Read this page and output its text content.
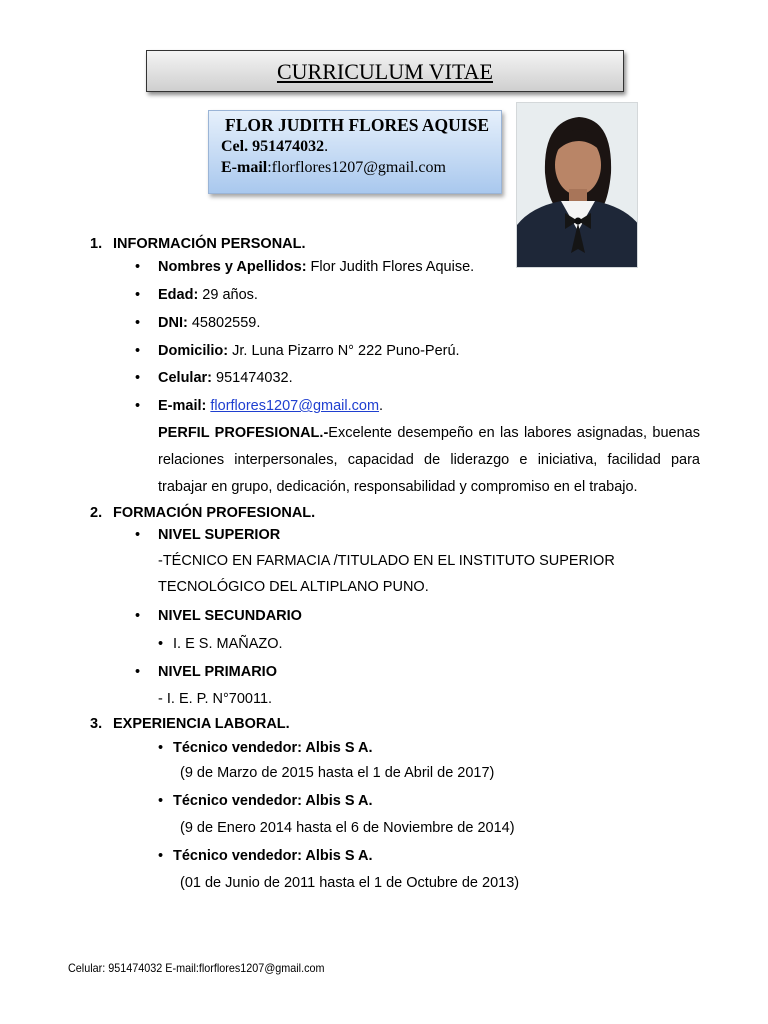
CURRICULUM VITAE
FLOR JUDITH FLORES AQUISE
Cel. 951474032.
E-mail:florflores1207@gmail.com
1. INFORMACIÓN PERSONAL.
• Nombres y Apellidos: Flor Judith Flores Aquise.
• Edad: 29 años.
• DNI: 45802559.
• Domicilio: Jr. Luna Pizarro N° 222 Puno-Perú.
• Celular: 951474032.
• E-mail: florflores1207@gmail.com.
PERFIL PROFESIONAL.-Excelente desempeño en las labores asignadas, buenas relaciones interpersonales, capacidad de liderazgo e iniciativa, facilidad para trabajar en grupo, dedicación, responsabilidad y compromiso en el trabajo.
2. FORMACIÓN PROFESIONAL.
• NIVEL SUPERIOR
-TÉCNICO EN FARMACIA /TITULADO EN EL INSTITUTO SUPERIOR
TECNOLÓGICO DEL ALTIPLANO PUNO.
• NIVEL SECUNDARIO
• I. E S. MAÑAZO.
• NIVEL PRIMARIO
- I. E. P. N°70011.
3. EXPERIENCIA LABORAL.
• Técnico vendedor: Albis S A.
(9 de Marzo de 2015 hasta el 1 de Abril de 2017)
• Técnico vendedor: Albis S A.
(9 de Enero 2014 hasta el 6 de Noviembre de 2014)
• Técnico vendedor: Albis S A.
(01 de Junio de 2011 hasta el 1 de Octubre de 2013)
Celular: 951474032 E-mail:florflores1207@gmail.com
